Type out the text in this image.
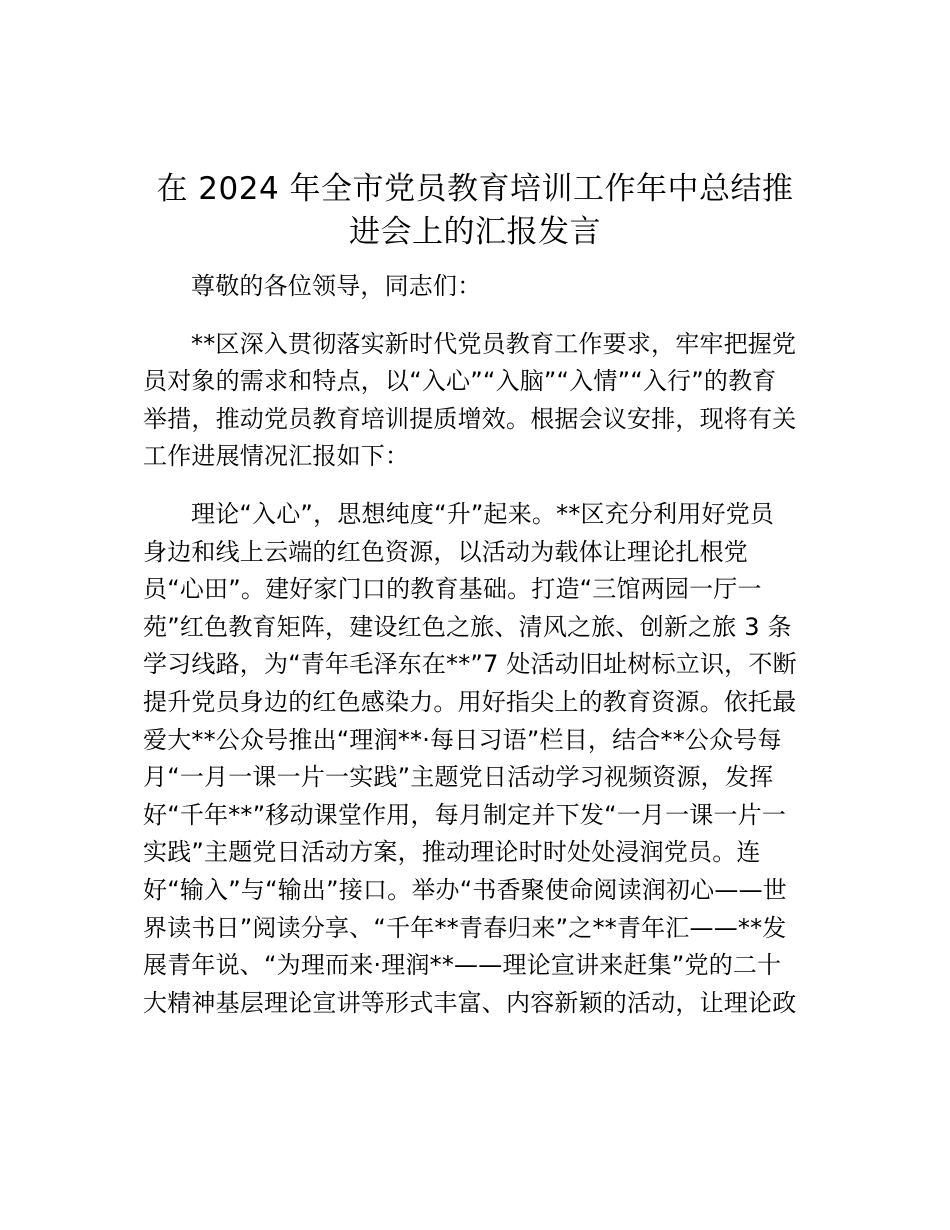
在 2024 年全市党员教育培训工作年中总结推
进会上的汇报发言
尊敬的各位领导，同志们：
**区深入贯彻落实新时代党员教育工作要求，牢牢把握党
员对象的需求和特点，以“入心”“入脑”“入情”“入行”的教育
举措，推动党员教育培训提质增效。根据会议安排，现将有关
工作进展情况汇报如下：
理论“入心”，思想纯度“升”起来。**区充分利用好党员
身边和线上云端的红色资源，以活动为载体让理论扎根党
员“心田”。建好家门口的教育基础。打造“三馆两园一厅一
苑”红色教育矩阵，建设红色之旅、清风之旅、创新之旅 3 条
学习线路，为“青年毛泽东在**”7 处活动旧址树标立识，不断
提升党员身边的红色感染力。用好指尖上的教育资源。依托最
爱大**公众号推出“理润**·每日习语”栏目，结合**公众号每
月“一月一课一片一实践”主题党日活动学习视频资源，发挥
好“千年**”移动课堂作用，每月制定并下发“一月一课一片一
实践”主题党日活动方案，推动理论时时处处浸润党员。连
好“输入”与“输出”接口。举办“书香聚使命阅读润初心——世
界读书日”阅读分享、“千年**青春归来”之**青年汇——**发
展青年说、“为理而来·理润**——理论宣讲来赶集”党的二十
大精神基层理论宣讲等形式丰富、内容新颖的活动，让理论政
